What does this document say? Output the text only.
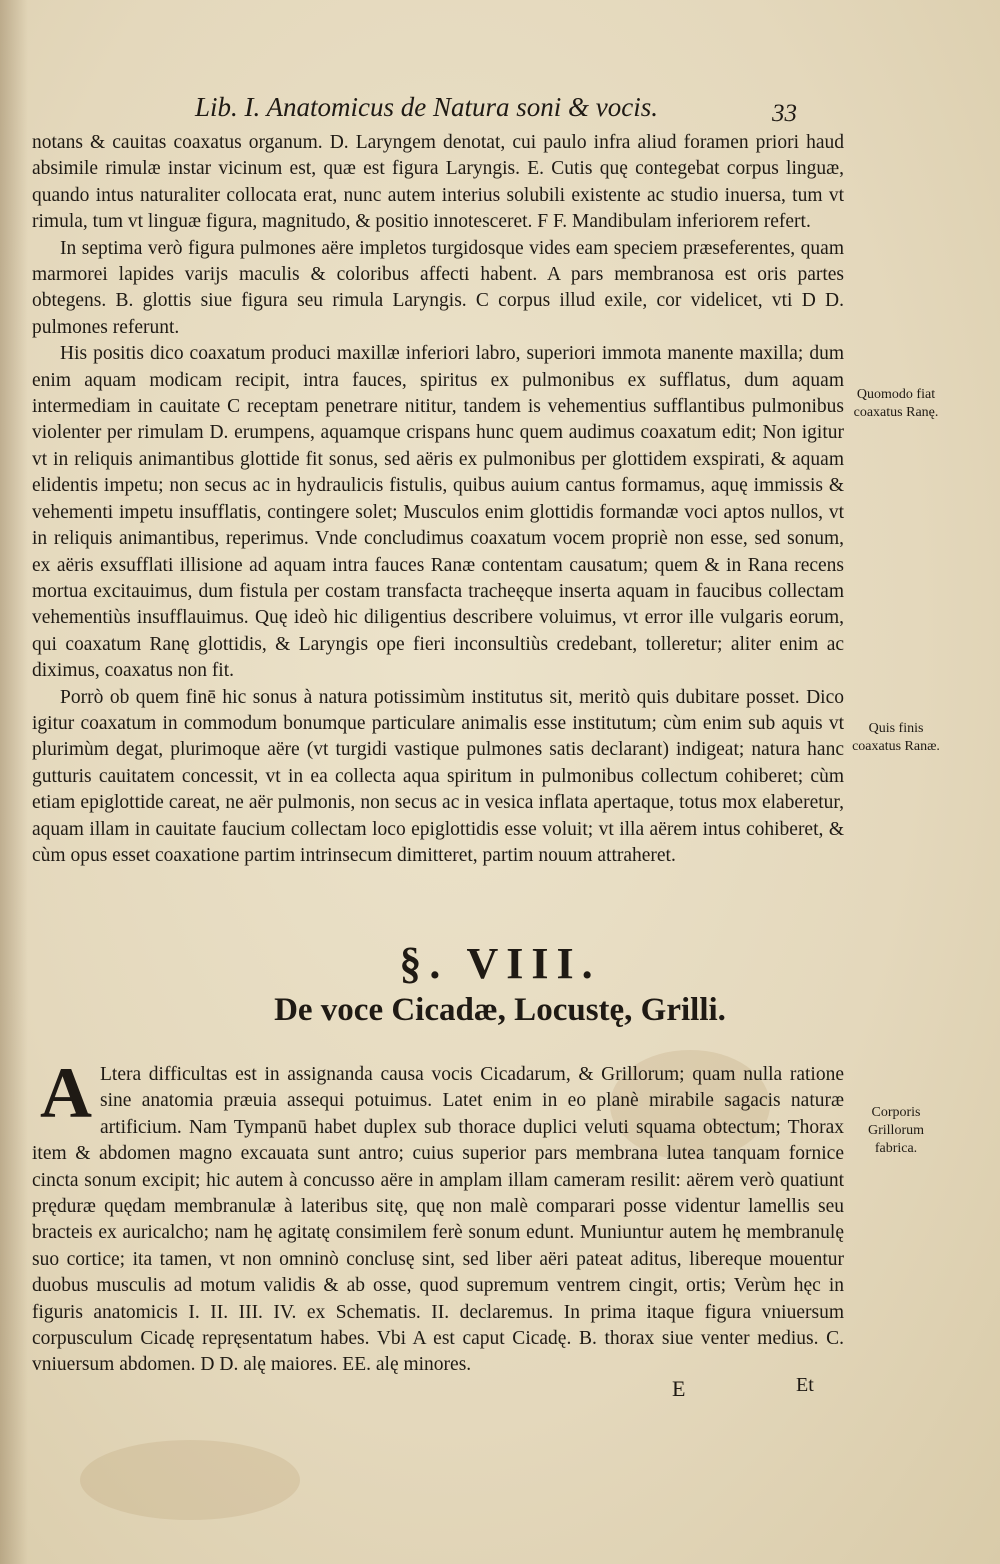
Lib. I. Anatomicus de Natura soni & vocis.	33

notans & cauitas coaxatus organum. D. Laryngem denotat, cui paulo infra aliud foramen priori haud absimile rimulæ instar vicinum est, quæ est figura Laryngis. E. Cutis quę contegebat corpus linguæ, quando intus naturaliter collocata erat, nunc autem interius solubili existente ac studio inuersa, tum vt rimula, tum vt linguæ figura, magnitudo, & positio innotesceret. F F. Mandibulam inferiorem refert.

In septima verò figura pulmones aëre impletos turgidosque vides eam speciem præseferentes, quam marmorei lapides varijs maculis & coloribus affecti habent. A pars membranosa est oris partes obtegens. B. glottis siue figura seu rimula Laryngis. C corpus illud exile, cor videlicet, vti D D. pulmones referunt.

His positis dico coaxatum produci maxillæ inferiori labro, superiori immota manente maxilla; dum enim aquam modicam recipit, intra fauces, spiritus ex pulmonibus ex sufflatus, dum aquam intermediam in cauitate C receptam penetrare nititur, tandem is vehementius sufflantibus pulmonibus violenter per rimulam D. erumpens, aquamque crispans hunc quem audimus coaxatum edit; Non igitur vt in reliquis animantibus glottide fit sonus, sed aëris ex pulmonibus per glottidem exspirati, & aquam elidentis impetu; non secus ac in hydraulicis fistulis, quibus auium cantus formamus, aquę immissis & vehementi impetu insufflatis, contingere solet; Musculos enim glottidis formandæ voci aptos nullos, vt in reliquis animantibus, reperimus. Vnde concludimus coaxatum vocem propriè non esse, sed sonum, ex aëris exsufflati illisione ad aquam intra fauces Ranæ contentam causatum; quem & in Rana recens mortua excitauimus, dum fistula per costam transfacta tracheęque inserta aquam in faucibus collectam vehementiùs insufflauimus. Quę ideò hic diligentius describere voluimus, vt error ille vulgaris eorum, qui coaxatum Ranę glottidis, & Laryngis ope fieri inconsultiùs credebant, tolleretur; aliter enim ac diximus, coaxatus non fit.

Porrò ob quem finē hic sonus à natura potissimùm institutus sit, meritò quis dubitare posset. Dico igitur coaxatum in commodum bonumque particulare animalis esse institutum; cùm enim sub aquis vt plurimùm degat, plurimoque aëre (vt turgidi vastique pulmones satis declarant) indigeat; natura hanc gutturis cauitatem concessit, vt in ea collecta aqua spiritum in pulmonibus collectum cohiberet; cùm etiam epiglottide careat, ne aër pulmonis, non secus ac in vesica inflata apertaque, totus mox elaberetur, aquam illam in cauitate faucium collectam loco epiglottidis esse voluit; vt illa aërem intus cohiberet, & cùm opus esset coaxatione partim intrinsecum dimitteret, partim nouum attraheret.

Quomodo fiat coaxatus Ranę.
Quis finis coaxatus Ranæ.
§. VIII.
De voce Cicadæ, Locustę, Grilli.

A Ltera difficultas est in assignanda causa vocis Cicadarum, & Grillorum; quam nulla ratione sine anatomia præuia assequi potuimus. Latet enim in eo planè mirabile sagacis naturæ artificium. Nam Tympanū habet duplex sub thorace duplici veluti squama obtectum; Thorax item & abdomen magno excauata sunt antro; cuius superior pars membrana lutea tanquam fornice cincta sonum excipit; hic autem à concusso aëre in amplam illam cameram resilit: aërem verò quatiunt pręduræ quędam membranulæ à lateribus sitę, quę non malè comparari posse videntur lamellis seu bracteis ex auricalcho; nam hę agitatę consimilem ferè sonum edunt. Muniuntur autem hę membranulę suo cortice; ita tamen, vt non omninò conclusę sint, sed liber aëri pateat aditus, libereque mouentur duobus musculis ad motum validis & ab osse, quod supremum ventrem cingit, ortis; Verùm hęc in figuris anatomicis I. II. III. IV. ex Schematis. II. declaremus. In prima itaque figura vniuersum corpusculum Cicadę repręsentatum habes. Vbi A est caput Cicadę. B. thorax siue venter medius. C. vniuersum abdomen. D D. alę maiores. EE. alę minores.

Corporis Grillorum fabrica.
E	Et
